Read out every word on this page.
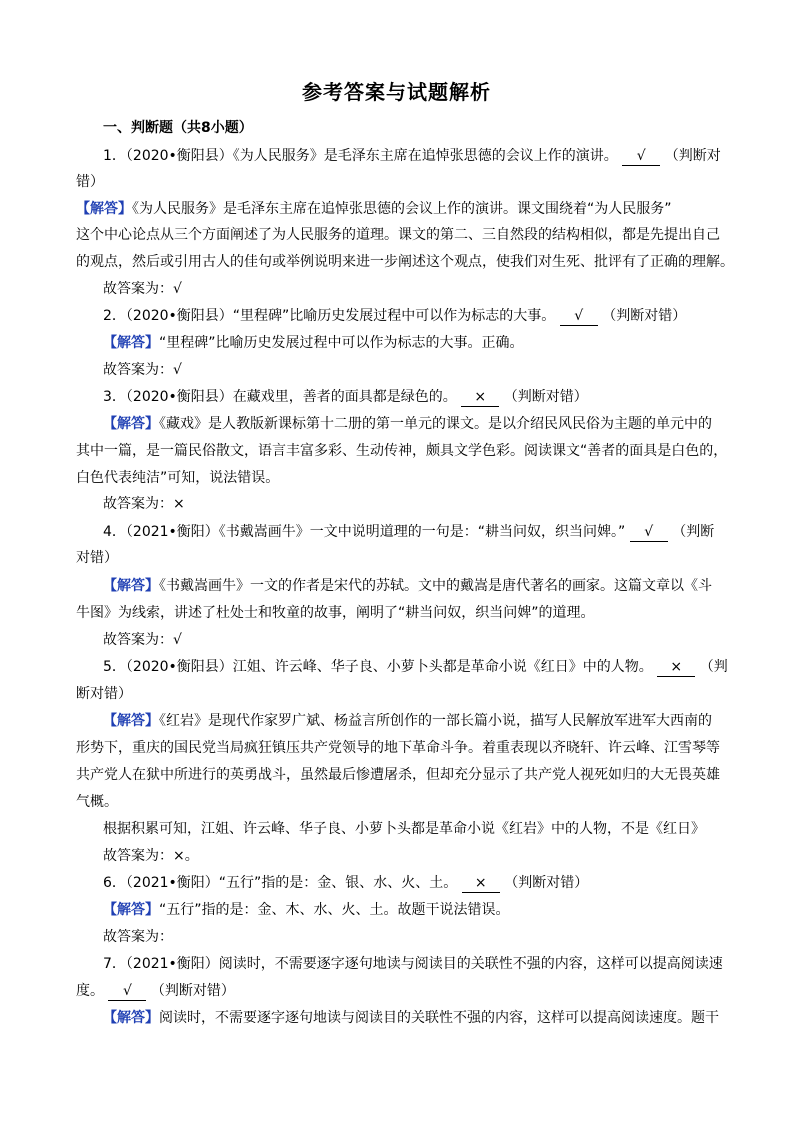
参考答案与试题解析
一、判断题（共8小题）
1．（2020•衡阳县）《为人民服务》是毛泽东主席在追悼张思德的会议上作的演讲。 √ （判断对
错）
【解答】《为人民服务》是毛泽东主席在追悼张思德的会议上作的演讲。课文围绕着“为人民服务”
这个中心论点从三个方面阐述了为人民服务的道理。课文的第二、三自然段的结构相似，都是先提出自己
的观点，然后或引用古人的佳句或举例说明来进一步阐述这个观点，使我们对生死、批评有了正确的理解。
故答案为：√
2．（2020•衡阳县）“里程碑”比喻历史发展过程中可以作为标志的大事。 √ （判断对错）
【解答】“里程碑”比喻历史发展过程中可以作为标志的大事。正确。
故答案为：√
3．（2020•衡阳县）在藏戏里，善者的面具都是绿色的。 × （判断对错）
【解答】《藏戏》是人教版新课标第十二册的第一单元的课文。是以介绍民风民俗为主题的单元中的
其中一篇，是一篇民俗散文，语言丰富多彩、生动传神，颇具文学色彩。阅读课文“善者的面具是白色的，
白色代表纯洁”可知，说法错误。
故答案为：×
4．（2021•衡阳）《书戴嵩画牛》一文中说明道理的一句是：“耕当问奴，织当问婢。” √ （判断
对错）
【解答】《书戴嵩画牛》一文的作者是宋代的苏轼。文中的戴嵩是唐代著名的画家。这篇文章以《斗
牛图》为线索，讲述了杜处士和牧童的故事，阐明了“耕当问奴，织当问婢”的道理。
故答案为：√
5．（2020•衡阳县）江姐、许云峰、华子良、小萝卜头都是革命小说《红日》中的人物。 × （判
断对错）
【解答】《红岩》是现代作家罗广斌、杨益言所创作的一部长篇小说，描写人民解放军进军大西南的
形势下，重庆的国民党当局疯狂镇压共产党领导的地下革命斗争。着重表现以齐晓轩、许云峰、江雪琴等
共产党人在狱中所进行的英勇战斗，虽然最后惨遭屠杀，但却充分显示了共产党人视死如归的大无畏英雄
气概。
根据积累可知，江姐、许云峰、华子良、小萝卜头都是革命小说《红岩》中的人物，不是《红日》
故答案为：×。
6．（2021•衡阳）“五行”指的是：金、银、水、火、土。 × （判断对错）
【解答】“五行”指的是：金、木、水、火、土。故题干说法错误。
故答案为：
7．（2021•衡阳）阅读时，不需要逐字逐句地读与阅读目的关联性不强的内容，这样可以提高阅读速
度。 √ （判断对错）
【解答】阅读时，不需要逐字逐句地读与阅读目的关联性不强的内容，这样可以提高阅读速度。题干
